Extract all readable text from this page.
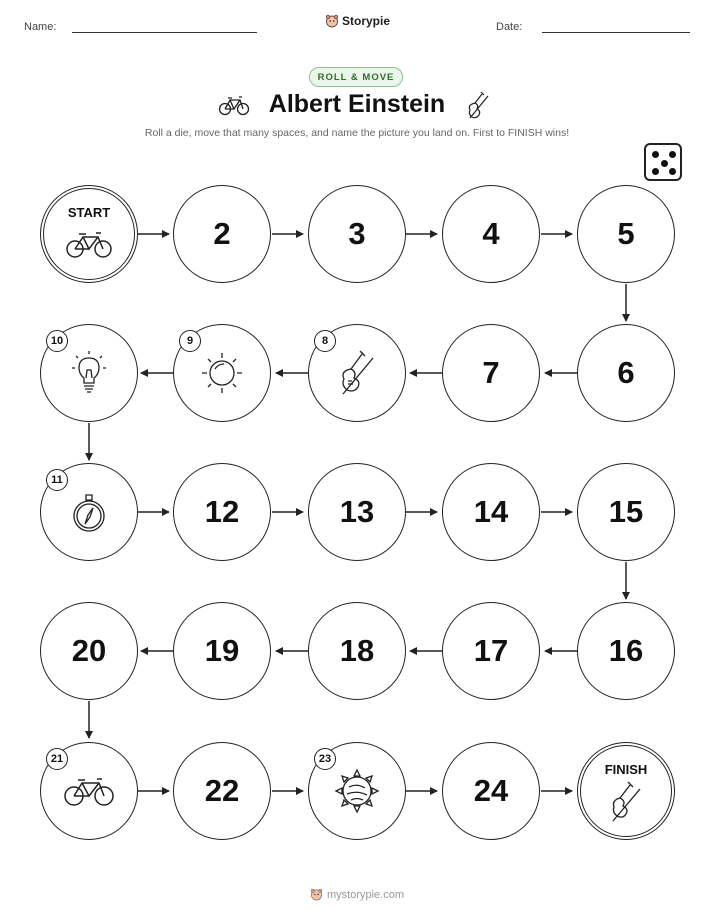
Name:	Storypie	Date:
ROLL & MOVE
Albert Einstein
Roll a die, move that many spaces, and name the picture you land on. First to FINISH wins!
START
2	3	4	5
10	9	8
7	6
11
12	13	14	15
20	19	18	17	16
21
22
23
24
FINISH
mystorypie.com
